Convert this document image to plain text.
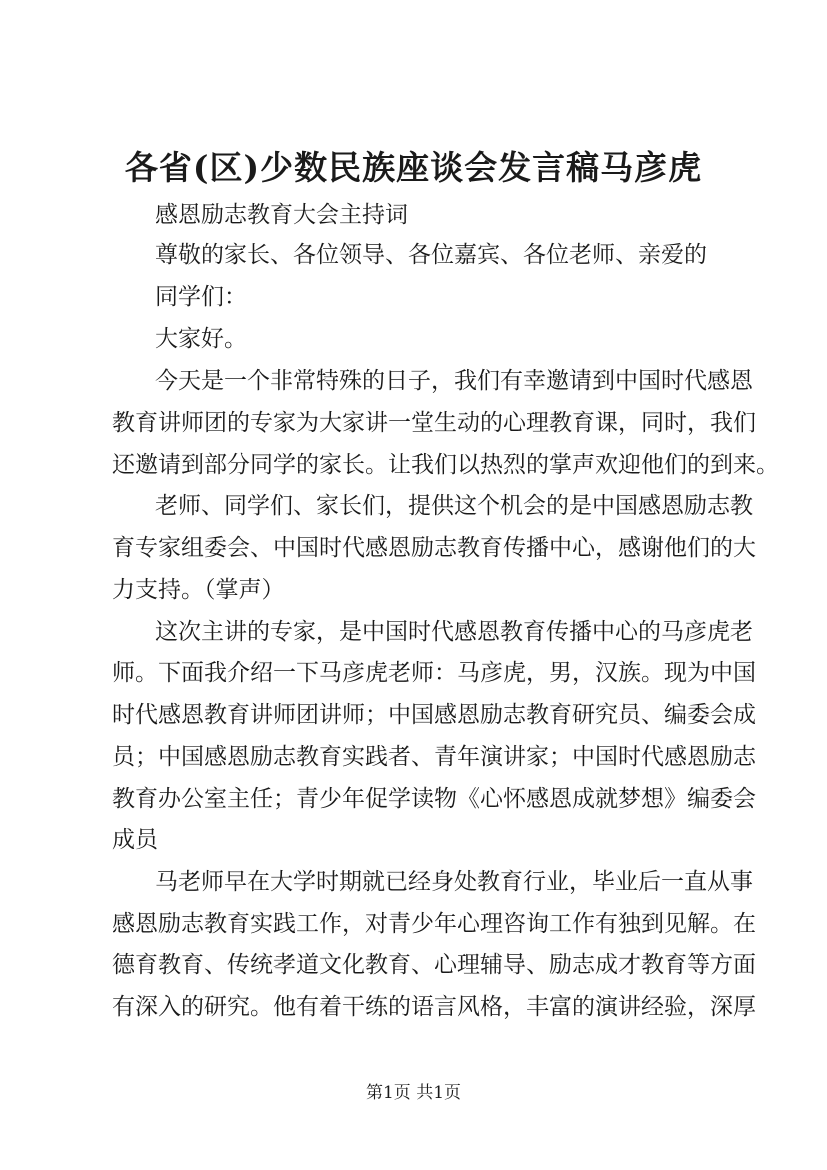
各省(区)少数民族座谈会发言稿马彦虎
感恩励志教育大会主持词
尊敬的家长、各位领导、各位嘉宾、各位老师、亲爱的
同学们：
大家好。
今天是一个非常特殊的日子，我们有幸邀请到中国时代感恩
教育讲师团的专家为大家讲一堂生动的心理教育课，同时，我们
还邀请到部分同学的家长。让我们以热烈的掌声欢迎他们的到来。
老师、同学们、家长们，提供这个机会的是中国感恩励志教
育专家组委会、中国时代感恩励志教育传播中心，感谢他们的大
力支持。（掌声）
这次主讲的专家，是中国时代感恩教育传播中心的马彦虎老
师。下面我介绍一下马彦虎老师：马彦虎，男，汉族。现为中国
时代感恩教育讲师团讲师；中国感恩励志教育研究员、编委会成
员；中国感恩励志教育实践者、青年演讲家；中国时代感恩励志
教育办公室主任；青少年促学读物《心怀感恩成就梦想》编委会
成员
马老师早在大学时期就已经身处教育行业，毕业后一直从事
感恩励志教育实践工作，对青少年心理咨询工作有独到见解。在
德育教育、传统孝道文化教育、心理辅导、励志成才教育等方面
有深入的研究。他有着干练的语言风格，丰富的演讲经验，深厚
第1页 共1页
